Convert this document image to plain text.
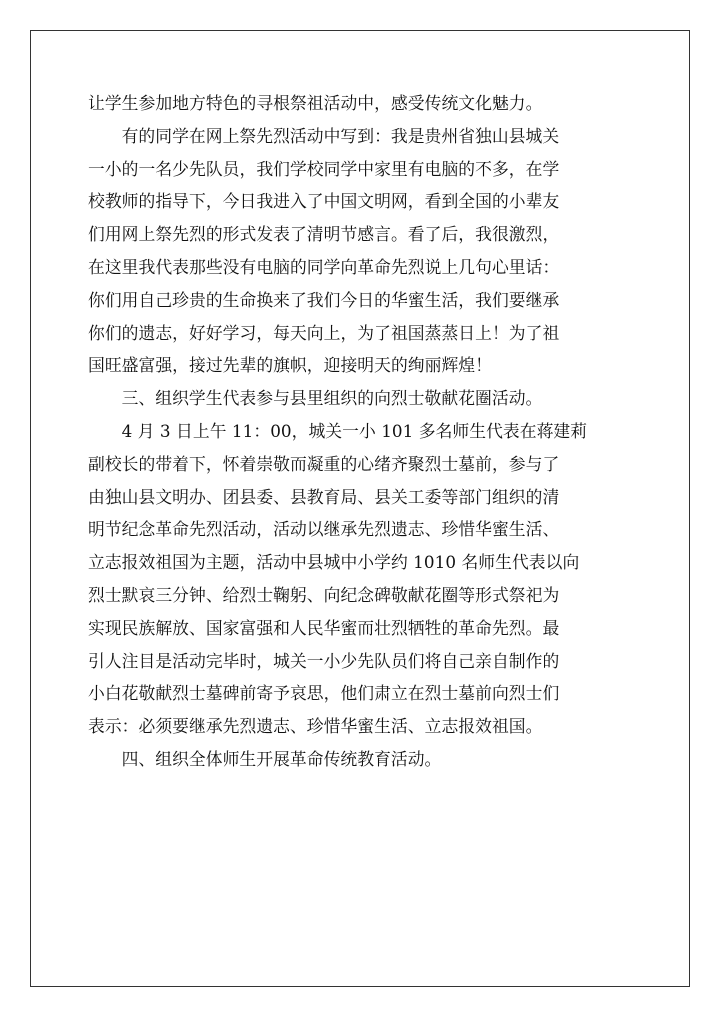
让学生参加地方特色的寻根祭祖活动中，感受传统文化魅力。
有的同学在网上祭先烈活动中写到：我是贵州省独山县城关
一小的一名少先队员，我们学校同学中家里有电脑的不多，在学
校教师的指导下，今日我进入了中国文明网，看到全国的小辈友
们用网上祭先烈的形式发表了清明节感言。看了后，我很激烈，
在这里我代表那些没有电脑的同学向革命先烈说上几句心里话：
你们用自己珍贵的生命换来了我们今日的华蜜生活，我们要继承
你们的遗志，好好学习，每天向上，为了祖国蒸蒸日上！为了祖
国旺盛富强，接过先辈的旗帜，迎接明天的绚丽辉煌！
三、组织学生代表参与县里组织的向烈士敬献花圈活动。
4 月 3 日上午 11：00，城关一小 101 多名师生代表在蒋建莉
副校长的带着下，怀着崇敬而凝重的心绪齐聚烈士墓前，参与了
由独山县文明办、团县委、县教育局、县关工委等部门组织的清
明节纪念革命先烈活动，活动以继承先烈遗志、珍惜华蜜生活、
立志报效祖国为主题，活动中县城中小学约 1010 名师生代表以向
烈士默哀三分钟、给烈士鞠躬、向纪念碑敬献花圈等形式祭祀为
实现民族解放、国家富强和人民华蜜而壮烈牺牲的革命先烈。最
引人注目是活动完毕时，城关一小少先队员们将自己亲自制作的
小白花敬献烈士墓碑前寄予哀思，他们肃立在烈士墓前向烈士们
表示：必须要继承先烈遗志、珍惜华蜜生活、立志报效祖国。
四、组织全体师生开展革命传统教育活动。
